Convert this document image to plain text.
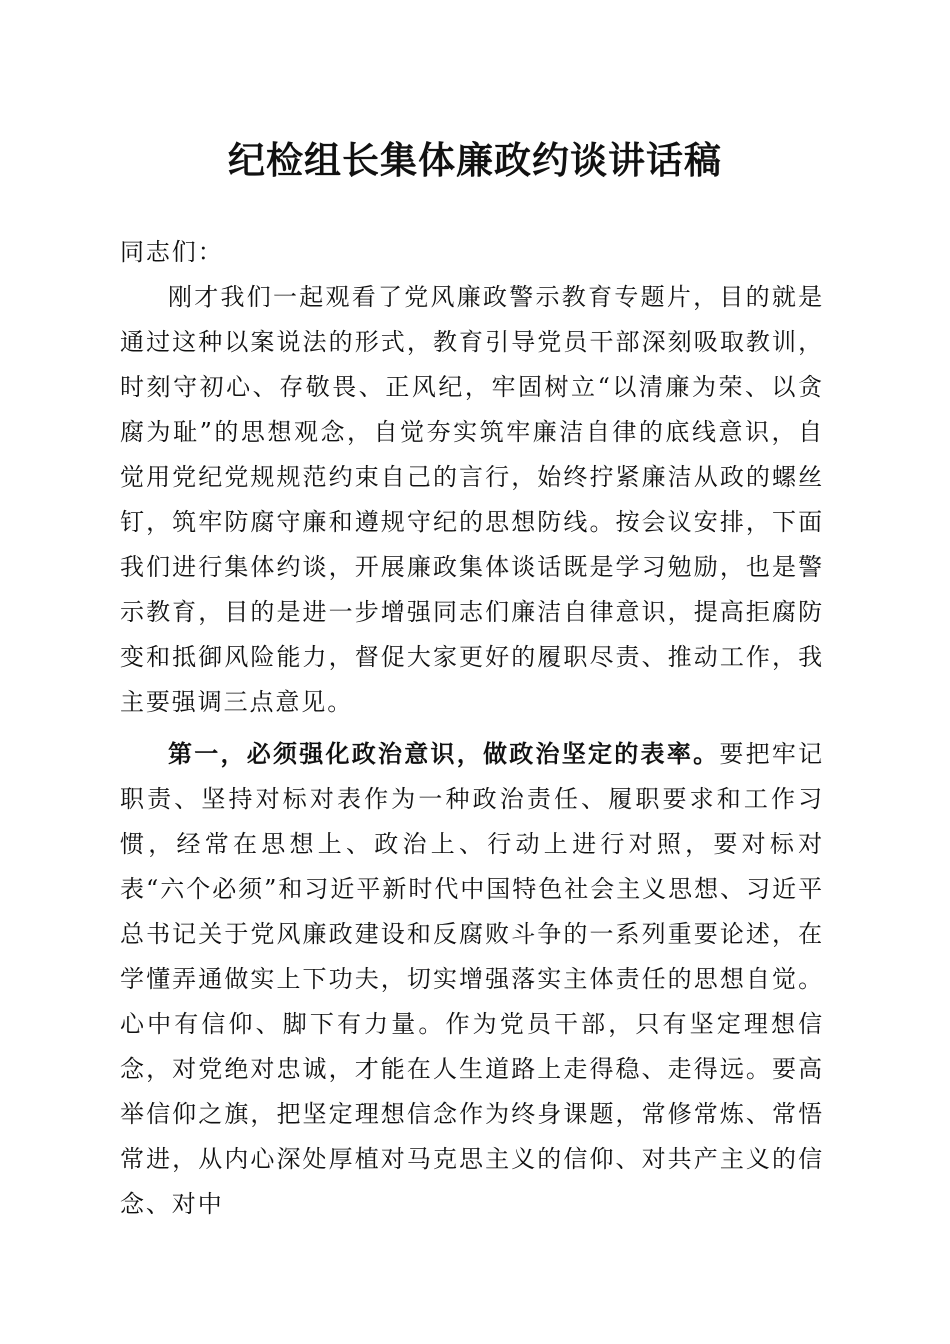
纪检组长集体廉政约谈讲话稿

同志们：

刚才我们一起观看了党风廉政警示教育专题片，目的就是通过这种以案说法的形式，教育引导党员干部深刻吸取教训，时刻守初心、存敬畏、正风纪，牢固树立“以清廉为荣、以贪腐为耻”的思想观念，自觉夯实筑牢廉洁自律的底线意识，自觉用党纪党规规范约束自己的言行，始终拧紧廉洁从政的螺丝钉，筑牢防腐守廉和遵规守纪的思想防线。按会议安排，下面我们进行集体约谈，开展廉政集体谈话既是学习勉励，也是警示教育，目的是进一步增强同志们廉洁自律意识，提高拒腐防变和抵御风险能力，督促大家更好的履职尽责、推动工作，我主要强调三点意见。

第一，必须强化政治意识，做政治坚定的表率。要把牢记职责、坚持对标对表作为一种政治责任、履职要求和工作习惯，经常在思想上、政治上、行动上进行对照，要对标对表“六个必须”和习近平新时代中国特色社会主义思想、习近平总书记关于党风廉政建设和反腐败斗争的一系列重要论述，在学懂弄通做实上下功夫，切实增强落实主体责任的思想自觉。心中有信仰、脚下有力量。作为党员干部，只有坚定理想信念，对党绝对忠诚，才能在人生道路上走得稳、走得远。要高举信仰之旗，把坚定理想信念作为终身课题，常修常炼、常悟常进，从内心深处厚植对马克思主义的信仰、对共产主义的信念、对中
